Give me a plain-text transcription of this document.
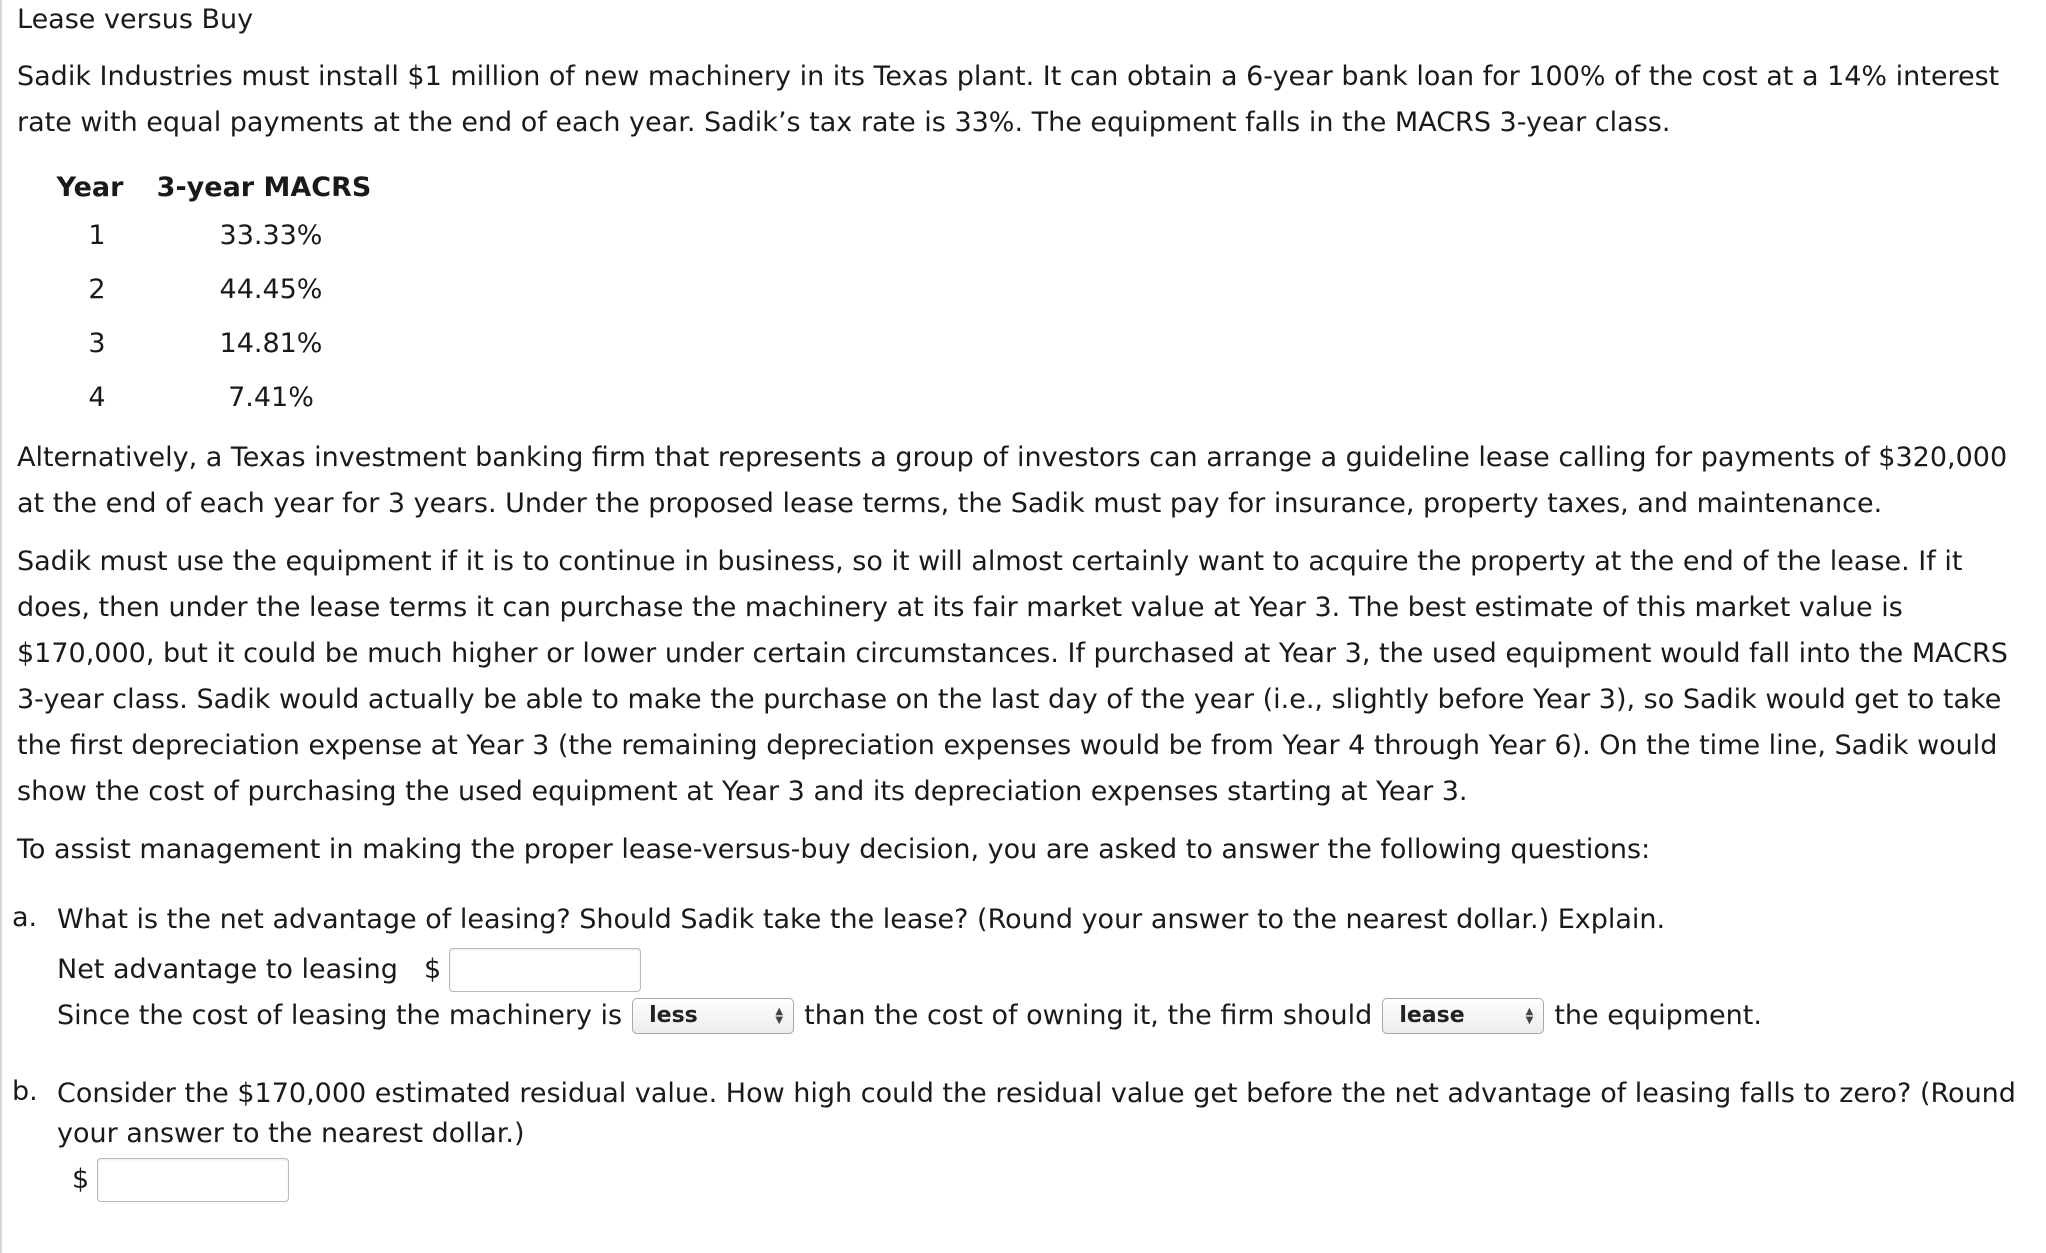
Lease versus Buy

Sadik Industries must install $1 million of new machinery in its Texas plant. It can obtain a 6-year bank loan for 100% of the cost at a 14% interest rate with equal payments at the end of each year. Sadik’s tax rate is 33%. The equipment falls in the MACRS 3-year class.

Year	3-year MACRS
1	33.33%
2	44.45%
3	14.81%
4	7.41%

Alternatively, a Texas investment banking firm that represents a group of investors can arrange a guideline lease calling for payments of $320,000 at the end of each year for 3 years. Under the proposed lease terms, the Sadik must pay for insurance, property taxes, and maintenance.

Sadik must use the equipment if it is to continue in business, so it will almost certainly want to acquire the property at the end of the lease. If it does, then under the lease terms it can purchase the machinery at its fair market value at Year 3. The best estimate of this market value is $170,000, but it could be much higher or lower under certain circumstances. If purchased at Year 3, the used equipment would fall into the MACRS 3-year class. Sadik would actually be able to make the purchase on the last day of the year (i.e., slightly before Year 3), so Sadik would get to take the first depreciation expense at Year 3 (the remaining depreciation expenses would be from Year 4 through Year 6). On the time line, Sadik would show the cost of purchasing the used equipment at Year 3 and its depreciation expenses starting at Year 3.

To assist management in making the proper lease-versus-buy decision, you are asked to answer the following questions:

a. What is the net advantage of leasing? Should Sadik take the lease? (Round your answer to the nearest dollar.) Explain.
Net advantage to leasing $
Since the cost of leasing the machinery is less	▲
▼ than the cost of owning it, the firm should lease	▲
▼ the equipment.
b. Consider the $170,000 estimated residual value. How high could the residual value get before the net advantage of leasing falls to zero? (Round your answer to the nearest dollar.)
$
